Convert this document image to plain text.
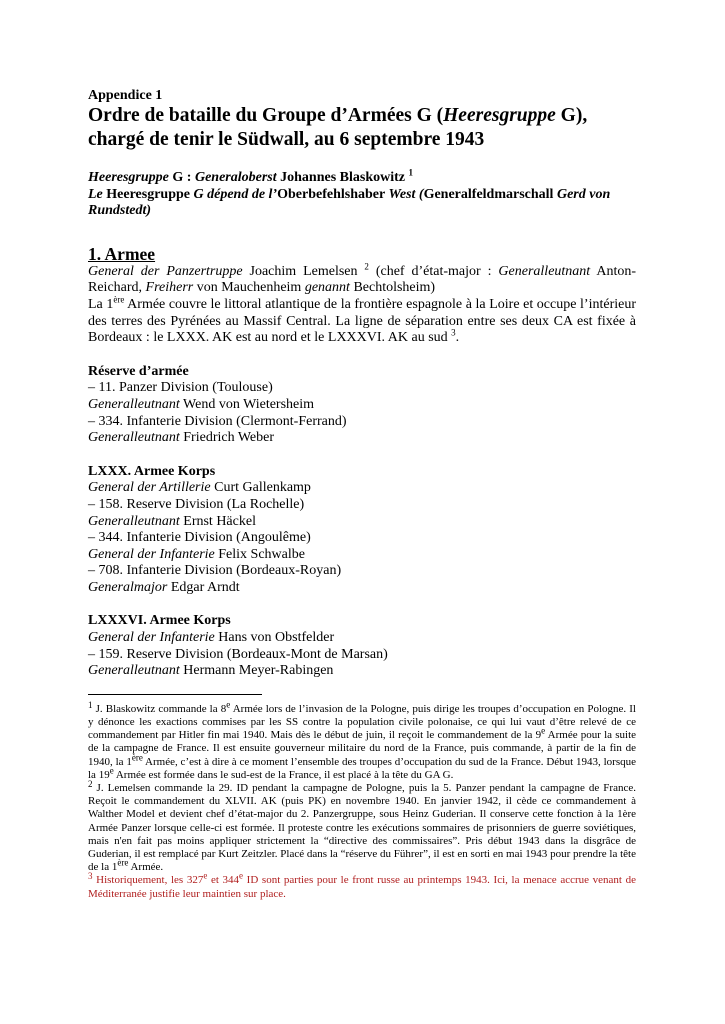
Appendice 1

Ordre de bataille du Groupe d’Armées G (Heeresgruppe G),
chargé de tenir le Südwall, au 6 septembre 1943
Heeresgruppe G : Generaloberst Johannes Blaskowitz $^1$
Le Heeresgruppe G dépend de l’Oberbefehlshaber West (Generalfeldmarschall Gerd von Rundstedt)
1. Armee

General der Panzertruppe Joachim Lemelsen $^2$ (chef d’état-major : Generalleutnant Anton-Reichard, Freiherr von Mauchenheim genannt Bechtolsheim)

La 1ère Armée couvre le littoral atlantique de la frontière espagnole à la Loire et occupe l’intérieur des terres des Pyrénées au Massif Central. La ligne de séparation entre ses deux CA est fixée à Bordeaux : le LXXX. AK est au nord et le LXXXVI. AK au sud $^3$.

Réserve d’armée

– 11. Panzer Division (Toulouse)

Generalleutnant Wend von Wietersheim

– 334. Infanterie Division (Clermont-Ferrand)

Generalleutnant Friedrich Weber

LXXX. Armee Korps

General der Artillerie Curt Gallenkamp

– 158. Reserve Division (La Rochelle)

Generalleutnant Ernst Häckel

– 344. Infanterie Division (Angoulême)

General der Infanterie Felix Schwalbe

– 708. Infanterie Division (Bordeaux-Royan)

Generalmajor Edgar Arndt

LXXXVI. Armee Korps

General der Infanterie Hans von Obstfelder

– 159. Reserve Division (Bordeaux-Mont de Marsan)

Generalleutnant Hermann Meyer-Rabingen

$^1$ J. Blaskowitz commande la 8e Armée lors de l’invasion de la Pologne, puis dirige les troupes d’occupation en Pologne. Il y dénonce les exactions commises par les SS contre la population civile polonaise, ce qui lui vaut d’être relevé de ce commandement par Hitler fin mai 1940. Mais dès le début de juin, il reçoit le commandement de la 9e Armée pour la suite de la campagne de France. Il est ensuite gouverneur militaire du nord de la France, puis commande, à partir de la fin de 1940, la 1ère Armée, c’est à dire à ce moment l’ensemble des troupes d’occupation du sud de la France. Début 1943, lorsque la 19e Armée est formée dans le sud-est de la France, il est placé à la tête du GA G.

$^2$ J. Lemelsen commande la 29. ID pendant la campagne de Pologne, puis la 5. Panzer pendant la campagne de France. Reçoit le commandement du XLVII. AK (puis PK) en novembre 1940. En janvier 1942, il cède ce commandement à Walther Model et devient chef d’état-major du 2. Panzergruppe, sous Heinz Guderian. Il conserve cette fonction à la 1ère Armée Panzer lorsque celle-ci est formée. Il proteste contre les exécutions sommaires de prisonniers de guerre soviétiques, mais n'en fait pas moins appliquer strictement la “directive des commissaires”. Pris début 1943 dans la disgrâce de Guderian, il est remplacé par Kurt Zeitzler. Placé dans la “réserve du Führer”, il est en sorti en mai 1943 pour prendre la tête de la 1ère Armée.

$^3$ Historiquement, les 327e et 344e ID sont parties pour le front russe au printemps 1943. Ici, la menace accrue venant de Méditerranée justifie leur maintien sur place.
